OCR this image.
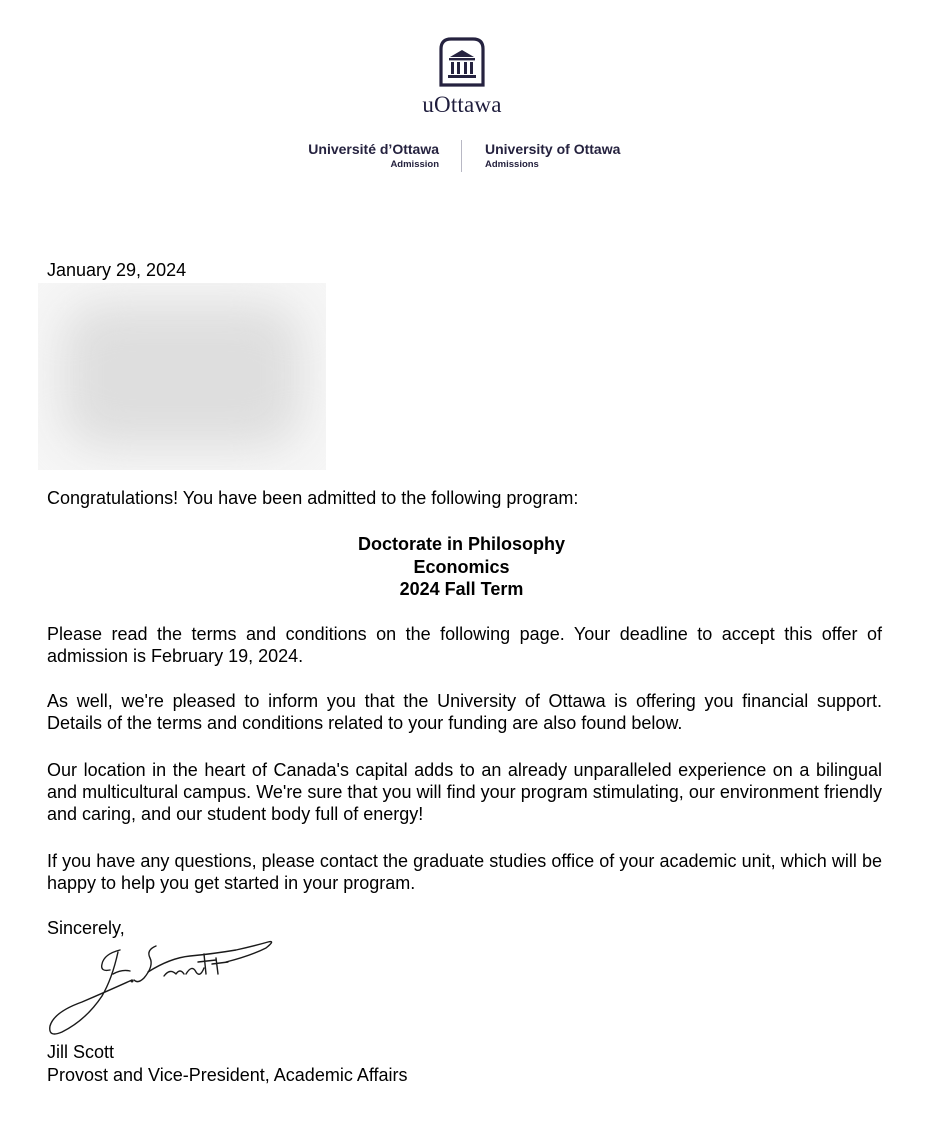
uOttawa
Université d’Ottawa
Admission
University of Ottawa
Admissions
January 29, 2024
Congratulations! You have been admitted to the following program:
Doctorate in Philosophy
Economics
2024 Fall Term
Please read the terms and conditions on the following page. Your deadline to accept this offer of admission is February 19, 2024.
As well, we're pleased to inform you that the University of Ottawa is offering you financial support. Details of the terms and conditions related to your funding are also found below.
Our location in the heart of Canada's capital adds to an already unparalleled experience on a bilingual and multicultural campus. We're sure that you will find your program stimulating, our environment friendly and caring, and our student body full of energy!
If you have any questions, please contact the graduate studies office of your academic unit, which will be happy to help you get started in your program.
Sincerely,
Jill Scott
Provost and Vice-President, Academic Affairs
